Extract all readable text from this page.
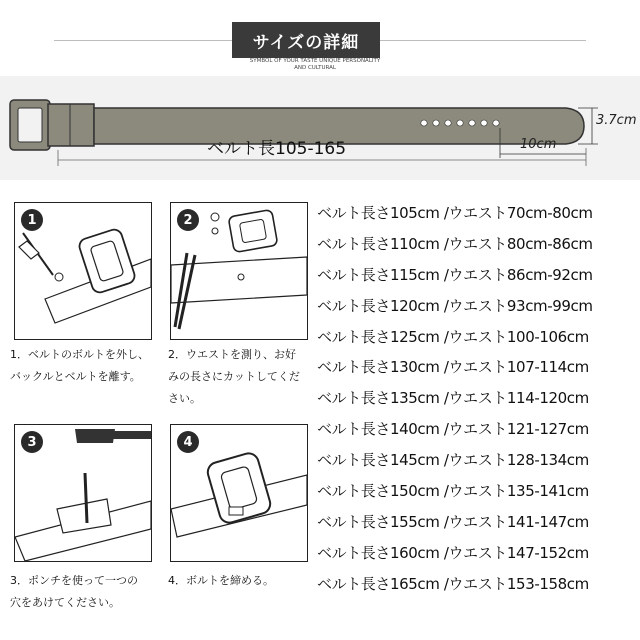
サイズの詳細
SYMBOL OF YOUR TASTE UNIQUE PERSONALITY
AND CULTURAL
ベルト長105-165
3.7cm
10cm
1
1．ベルトのボルトを外し、
バックルとベルトを離す。
2
2．ウエストを測り、お好
みの長さにカットしてくだ
さい。
3
3．ポンチを使って一つの
穴をあけてください。
4
4．ボルトを締める。
ベルト長さ105cm /ウエスト70cm-80cm
ベルト長さ110cm /ウエスト80cm-86cm
ベルト長さ115cm /ウエスト86cm-92cm
ベルト長さ120cm /ウエスト93cm-99cm
ベルト長さ125cm /ウエスト100-106cm
ベルト長さ130cm /ウエスト107-114cm
ベルト長さ135cm /ウエスト114-120cm
ベルト長さ140cm /ウエスト121-127cm
ベルト長さ145cm /ウエスト128-134cm
ベルト長さ150cm /ウエスト135-141cm
ベルト長さ155cm /ウエスト141-147cm
ベルト長さ160cm /ウエスト147-152cm
ベルト長さ165cm /ウエスト153-158cm
